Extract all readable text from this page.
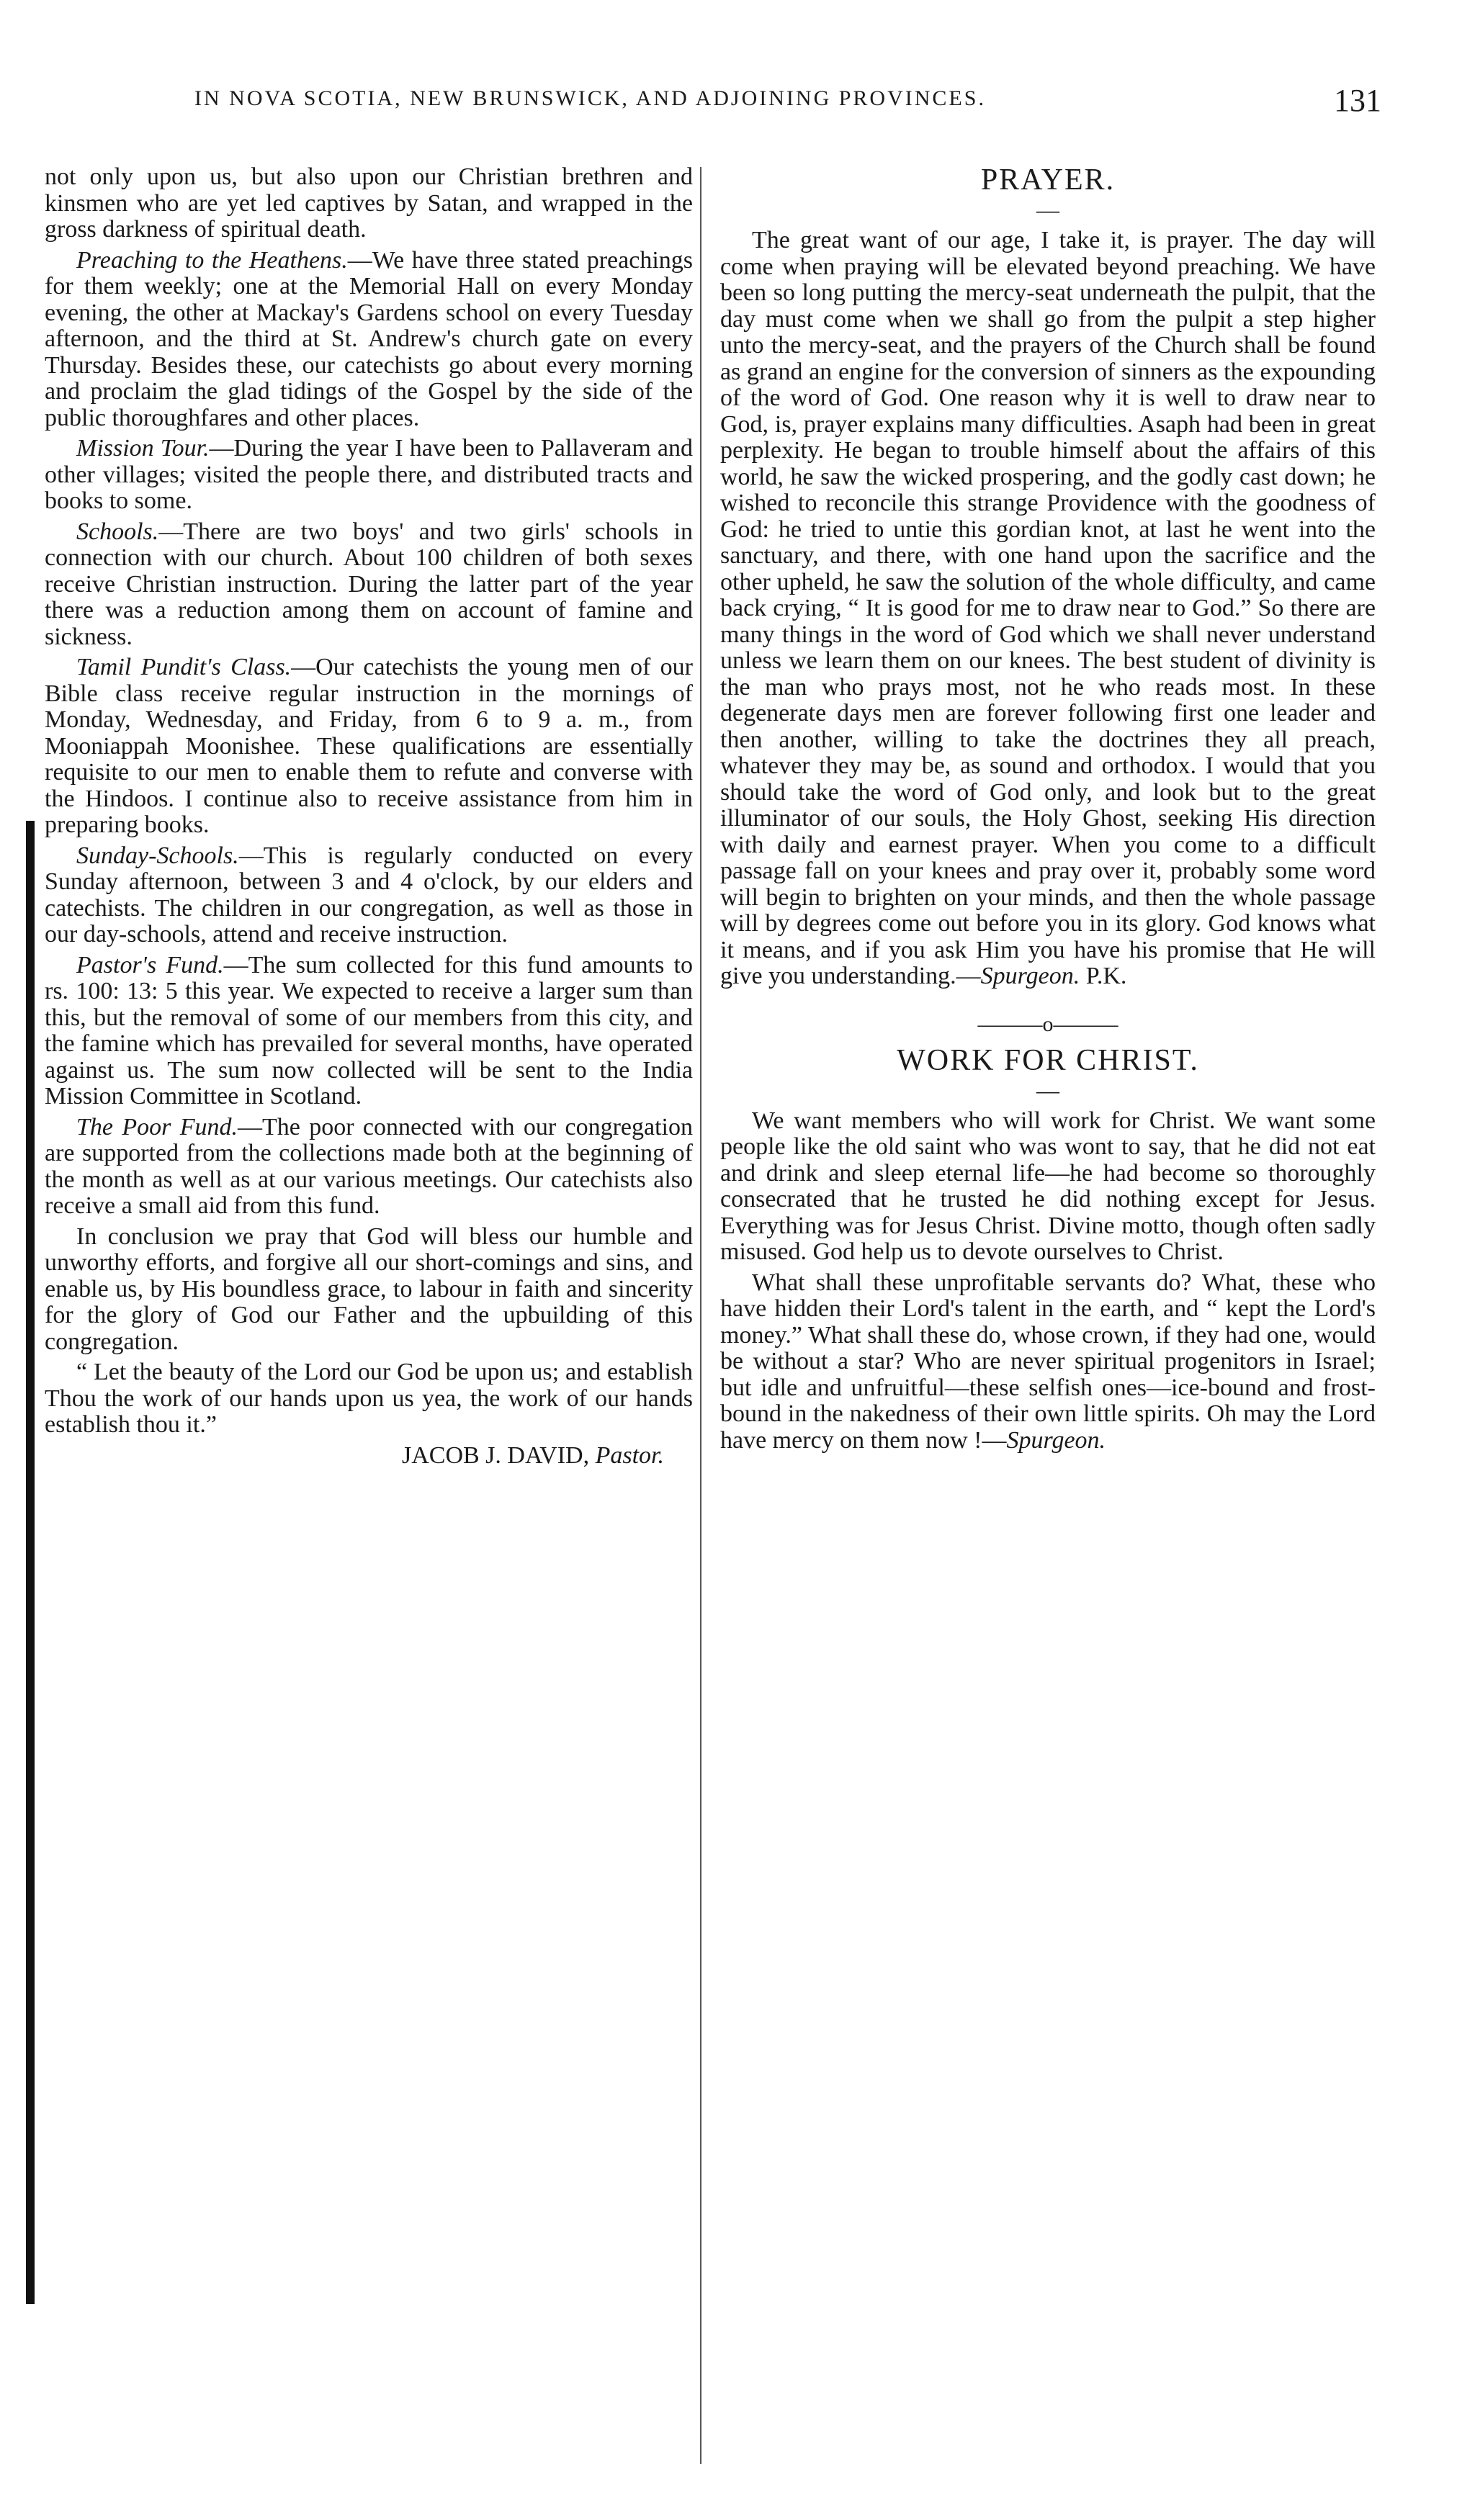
IN NOVA SCOTIA, NEW BRUNSWICK, AND ADJOINING PROVINCES.	131

not only upon us, but also upon our Christian brethren and kinsmen who are yet led captives by Satan, and wrapped in the gross darkness of spiritual death.

Preaching to the Heathens.—We have three stated preachings for them weekly; one at the Memorial Hall on every Monday evening, the other at Mackay's Gardens school on every Tuesday afternoon, and the third at St. Andrew's church gate on every Thursday. Besides these, our catechists go about every morning and proclaim the glad tidings of the Gospel by the side of the public thoroughfares and other places.

Mission Tour.—During the year I have been to Pallaveram and other villages; visited the people there, and distributed tracts and books to some.

Schools.—There are two boys' and two girls' schools in connection with our church. About 100 children of both sexes receive Christian instruction. During the latter part of the year there was a reduction among them on account of famine and sickness.

Tamil Pundit's Class.—Our catechists the young men of our Bible class receive regular instruction in the mornings of Monday, Wednesday, and Friday, from 6 to 9 a. m., from Mooniappah Moonishee. These qualifications are essentially requisite to our men to enable them to refute and converse with the Hindoos. I continue also to receive assistance from him in preparing books.

Sunday-Schools.—This is regularly conducted on every Sunday afternoon, between 3 and 4 o'clock, by our elders and catechists. The children in our congregation, as well as those in our day-schools, attend and receive instruction.

Pastor's Fund.—The sum collected for this fund amounts to rs. 100: 13: 5 this year. We expected to receive a larger sum than this, but the removal of some of our members from this city, and the famine which has prevailed for several months, have operated against us. The sum now collected will be sent to the India Mission Committee in Scotland.

The Poor Fund.—The poor connected with our congregation are supported from the collections made both at the beginning of the month as well as at our various meetings. Our catechists also receive a small aid from this fund.

In conclusion we pray that God will bless our humble and unworthy efforts, and forgive all our short-comings and sins, and enable us, by His boundless grace, to labour in faith and sincerity for the glory of God our Father and the upbuilding of this congregation.

“ Let the beauty of the Lord our God be upon us; and establish Thou the work of our hands upon us yea, the work of our hands establish thou it.”

JACOB J. DAVID, Pastor.
PRAYER.
—

The great want of our age, I take it, is prayer. The day will come when praying will be elevated beyond preaching. We have been so long putting the mercy-seat underneath the pulpit, that the day must come when we shall go from the pulpit a step higher unto the mercy-seat, and the prayers of the Church shall be found as grand an engine for the conversion of sinners as the expounding of the word of God. One reason why it is well to draw near to God, is, prayer explains many difficulties. Asaph had been in great perplexity. He began to trouble himself about the affairs of this world, he saw the wicked prospering, and the godly cast down; he wished to reconcile this strange Providence with the goodness of God: he tried to untie this gordian knot, at last he went into the sanctuary, and there, with one hand upon the sacrifice and the other upheld, he saw the solution of the whole difficulty, and came back crying, “ It is good for me to draw near to God.” So there are many things in the word of God which we shall never understand unless we learn them on our knees. The best student of divinity is the man who prays most, not he who reads most. In these degenerate days men are forever following first one leader and then another, willing to take the doctrines they all preach, whatever they may be, as sound and orthodox. I would that you should take the word of God only, and look but to the great illuminator of our souls, the Holy Ghost, seeking His direction with daily and earnest prayer. When you come to a difficult passage fall on your knees and pray over it, probably some word will begin to brighten on your minds, and then the whole passage will by degrees come out before you in its glory. God knows what it means, and if you ask Him you have his promise that He will give you understanding.—Spurgeon. P.K.

———o———
WORK FOR CHRIST.
—

We want members who will work for Christ. We want some people like the old saint who was wont to say, that he did not eat and drink and sleep eternal life—he had become so thoroughly consecrated that he trusted he did nothing except for Jesus. Everything was for Jesus Christ. Divine motto, though often sadly misused. God help us to devote ourselves to Christ.

What shall these unprofitable servants do? What, these who have hidden their Lord's talent in the earth, and “ kept the Lord's money.” What shall these do, whose crown, if they had one, would be without a star? Who are never spiritual progenitors in Israel; but idle and unfruitful—these selfish ones—ice-bound and frost-bound in the nakedness of their own little spirits. Oh may the Lord have mercy on them now !—Spurgeon.
